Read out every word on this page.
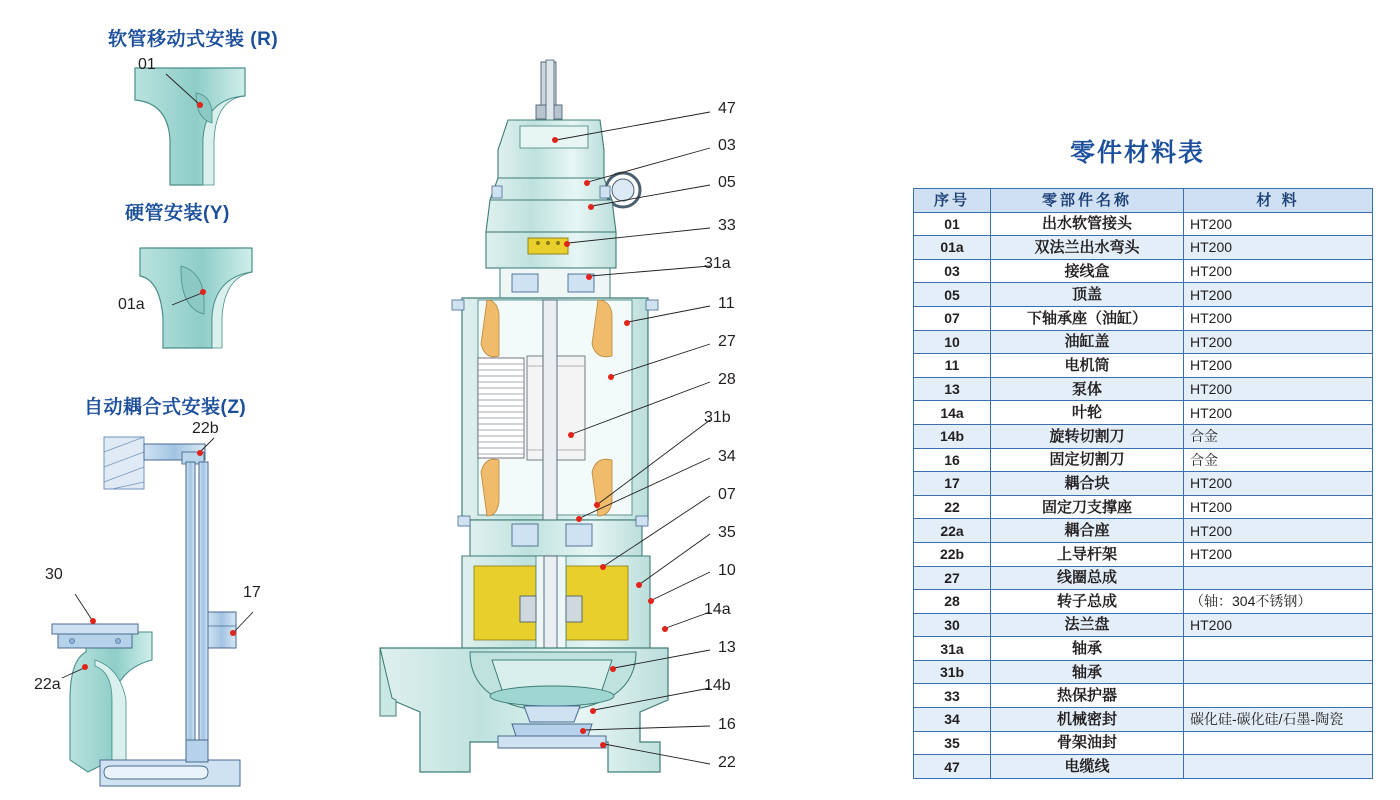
软管移动式安装 (R)
硬管安装(Y)
自动耦合式安装(Z)
01
01a
22b
30
17
22a
47
03
05
33
31a
11
27
28
31b
34
07
35
10
14a
13
14b
16
22
零件材料表
序号	零部件名称	材 料
01	出水软管接头	HT200
01a	双法兰出水弯头	HT200
03	接线盒	HT200
05	顶盖	HT200
07	下轴承座（油缸）	HT200
10	油缸盖	HT200
11	电机筒	HT200
13	泵体	HT200
14a	叶轮	HT200
14b	旋转切割刀	合金
16	固定切割刀	合金
17	耦合块	HT200
22	固定刀支撑座	HT200
22a	耦合座	HT200
22b	上导杆架	HT200
27	线圈总成	
28	转子总成	（轴：304不锈钢）
30	法兰盘	HT200
31a	轴承	
31b	轴承	
33	热保护器	
34	机械密封	碳化硅-碳化硅/石墨-陶瓷
35	骨架油封	
47	电缆线	
